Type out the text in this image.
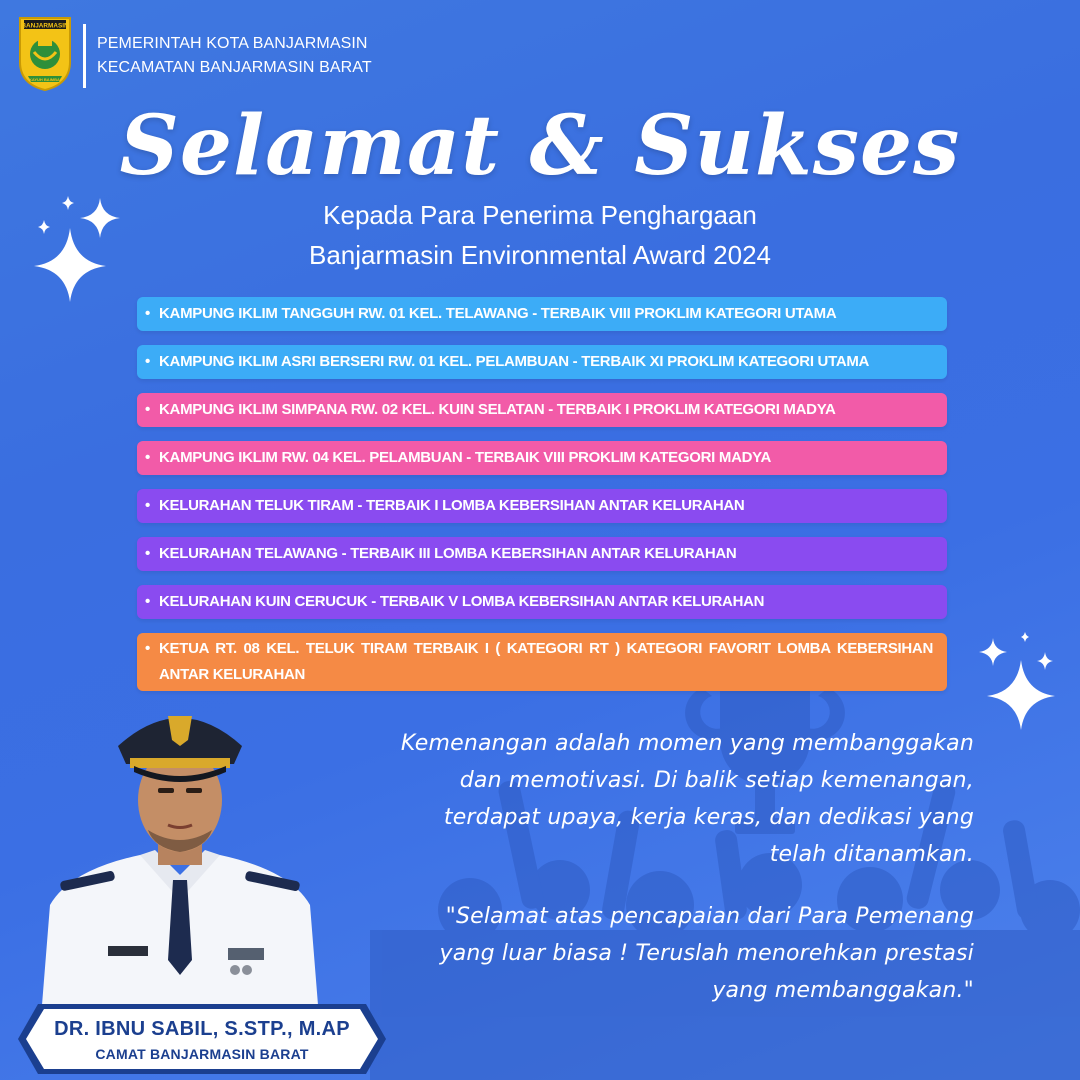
BANJARMASIN
KAYUH BAIMBAI
PEMERINTAH KOTA BANJARMASIN
KECAMATAN BANJARMASIN BARAT
Selamat & Sukses
Kepada Para Penerima Penghargaan
Banjarmasin Environmental Award 2024
• KAMPUNG IKLIM TANGGUH RW. 01 KEL. TELAWANG - TERBAIK VIII PROKLIM KATEGORI UTAMA
• KAMPUNG IKLIM ASRI BERSERI RW. 01 KEL. PELAMBUAN - TERBAIK XI PROKLIM KATEGORI UTAMA
• KAMPUNG IKLIM SIMPANA RW. 02 KEL. KUIN SELATAN - TERBAIK I PROKLIM KATEGORI MADYA
• KAMPUNG IKLIM RW. 04 KEL. PELAMBUAN - TERBAIK VIII PROKLIM KATEGORI MADYA
• KELURAHAN TELUK TIRAM - TERBAIK I LOMBA KEBERSIHAN ANTAR KELURAHAN
• KELURAHAN TELAWANG - TERBAIK III LOMBA KEBERSIHAN ANTAR KELURAHAN
• KELURAHAN KUIN CERUCUK - TERBAIK V LOMBA KEBERSIHAN ANTAR KELURAHAN
• KETUA RT. 08 KEL. TELUK TIRAM TERBAIK I ( KATEGORI RT ) KATEGORI FAVORIT LOMBA KEBERSIHAN ANTAR KELURAHAN
Kemenangan adalah momen yang membanggakan
dan memotivasi. Di balik setiap kemenangan,
terdapat upaya, kerja keras, dan dedikasi yang
telah ditanamkan.
"Selamat atas pencapaian dari Para Pemenang
yang luar biasa ! Teruslah menorehkan prestasi
yang membanggakan."
DR. IBNU SABIL, S.STP., M.AP
CAMAT BANJARMASIN BARAT
